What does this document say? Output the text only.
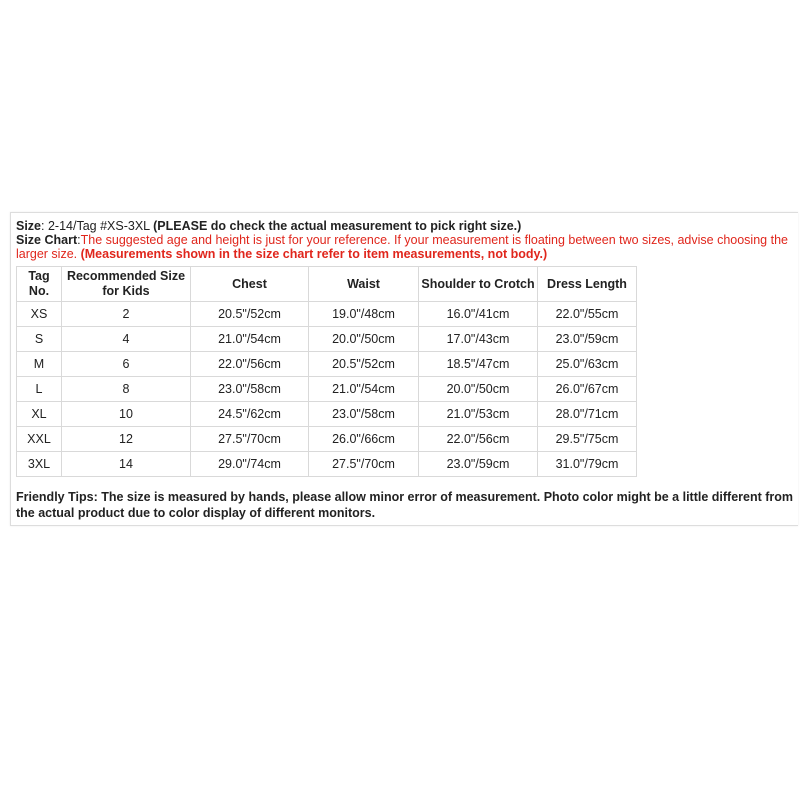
Size: 2-14/Tag #XS-3XL (PLEASE do check the actual measurement to pick right size.)
Size Chart:The suggested age and height is just for your reference. If your measurement is floating between two sizes, advise choosing the larger size. (Measurements shown in the size chart refer to item measurements, not body.)
Tag No.	Recommended Size for Kids	Chest	Waist	Shoulder to Crotch	Dress Length
XS	2	20.5"/52cm	19.0"/48cm	16.0"/41cm	22.0"/55cm
S	4	21.0"/54cm	20.0"/50cm	17.0"/43cm	23.0"/59cm
M	6	22.0"/56cm	20.5"/52cm	18.5"/47cm	25.0"/63cm
L	8	23.0"/58cm	21.0"/54cm	20.0"/50cm	26.0"/67cm
XL	10	24.5"/62cm	23.0"/58cm	21.0"/53cm	28.0"/71cm
XXL	12	27.5"/70cm	26.0"/66cm	22.0"/56cm	29.5"/75cm
3XL	14	29.0"/74cm	27.5"/70cm	23.0"/59cm	31.0"/79cm
Friendly Tips: The size is measured by hands, please allow minor error of measurement. Photo color might be a little different from the actual product due to color display of different monitors.
